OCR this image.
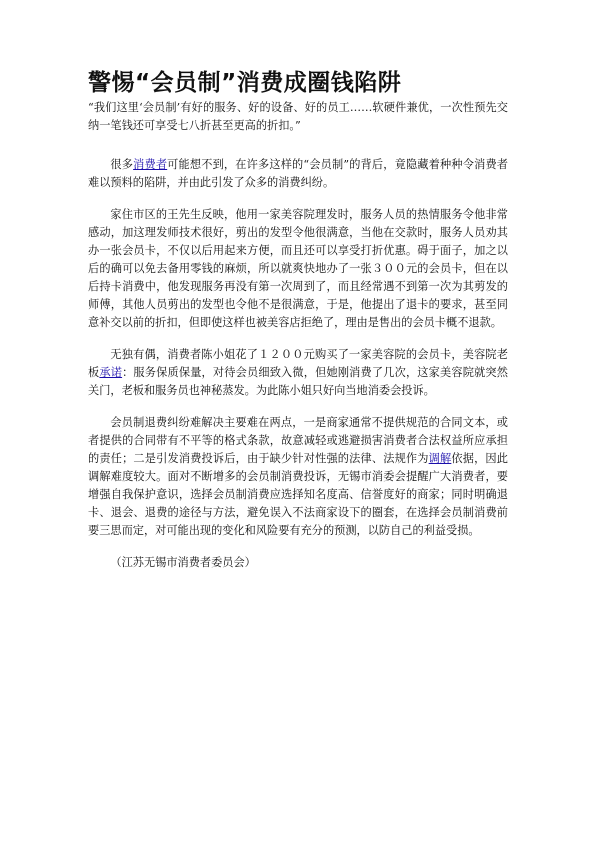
警惕“会员制”消费成圈钱陷阱

“我们这里‘会员制’有好的服务、好的设备、好的员工……软硬件兼优，一次性预先交纳一笔钱还可享受七八折甚至更高的折扣。”

很多消费者可能想不到，在许多这样的“会员制”的背后，竟隐藏着种种令消费者难以预料的陷阱，并由此引发了众多的消费纠纷。

家住市区的王先生反映，他用一家美容院理发时，服务人员的热情服务令他非常感动，加这理发师技术很好，剪出的发型令他很满意，当他在交款时，服务人员劝其办一张会员卡，不仅以后用起来方便，而且还可以享受打折优惠。碍于面子，加之以后的确可以免去备用零钱的麻烦，所以就爽快地办了一张３００元的会员卡，但在以后持卡消费中，他发现服务再没有第一次周到了，而且经常遇不到第一次为其剪发的师傅，其他人员剪出的发型也令他不是很满意，于是，他提出了退卡的要求，甚至同意补交以前的折扣，但即使这样也被美容店拒绝了，理由是售出的会员卡概不退款。

无独有偶，消费者陈小姐花了１２００元购买了一家美容院的会员卡，美容院老板承诺：服务保质保量，对待会员细致入微，但她刚消费了几次，这家美容院就突然关门，老板和服务员也神秘蒸发。为此陈小姐只好向当地消委会投诉。

会员制退费纠纷难解决主要难在两点，一是商家通常不提供规范的合同文本，或者提供的合同带有不平等的格式条款，故意减轻或逃避损害消费者合法权益所应承担的责任；二是引发消费投诉后，由于缺少针对性强的法律、法规作为调解依据，因此调解难度较大。面对不断增多的会员制消费投诉，无锡市消委会提醒广大消费者，要增强自我保护意识，选择会员制消费应选择知名度高、信誉度好的商家；同时明确退卡、退会、退费的途径与方法，避免误入不法商家设下的圈套，在选择会员制消费前要三思而定，对可能出现的变化和风险要有充分的预测，以防自己的利益受损。

（江苏无锡市消费者委员会）
